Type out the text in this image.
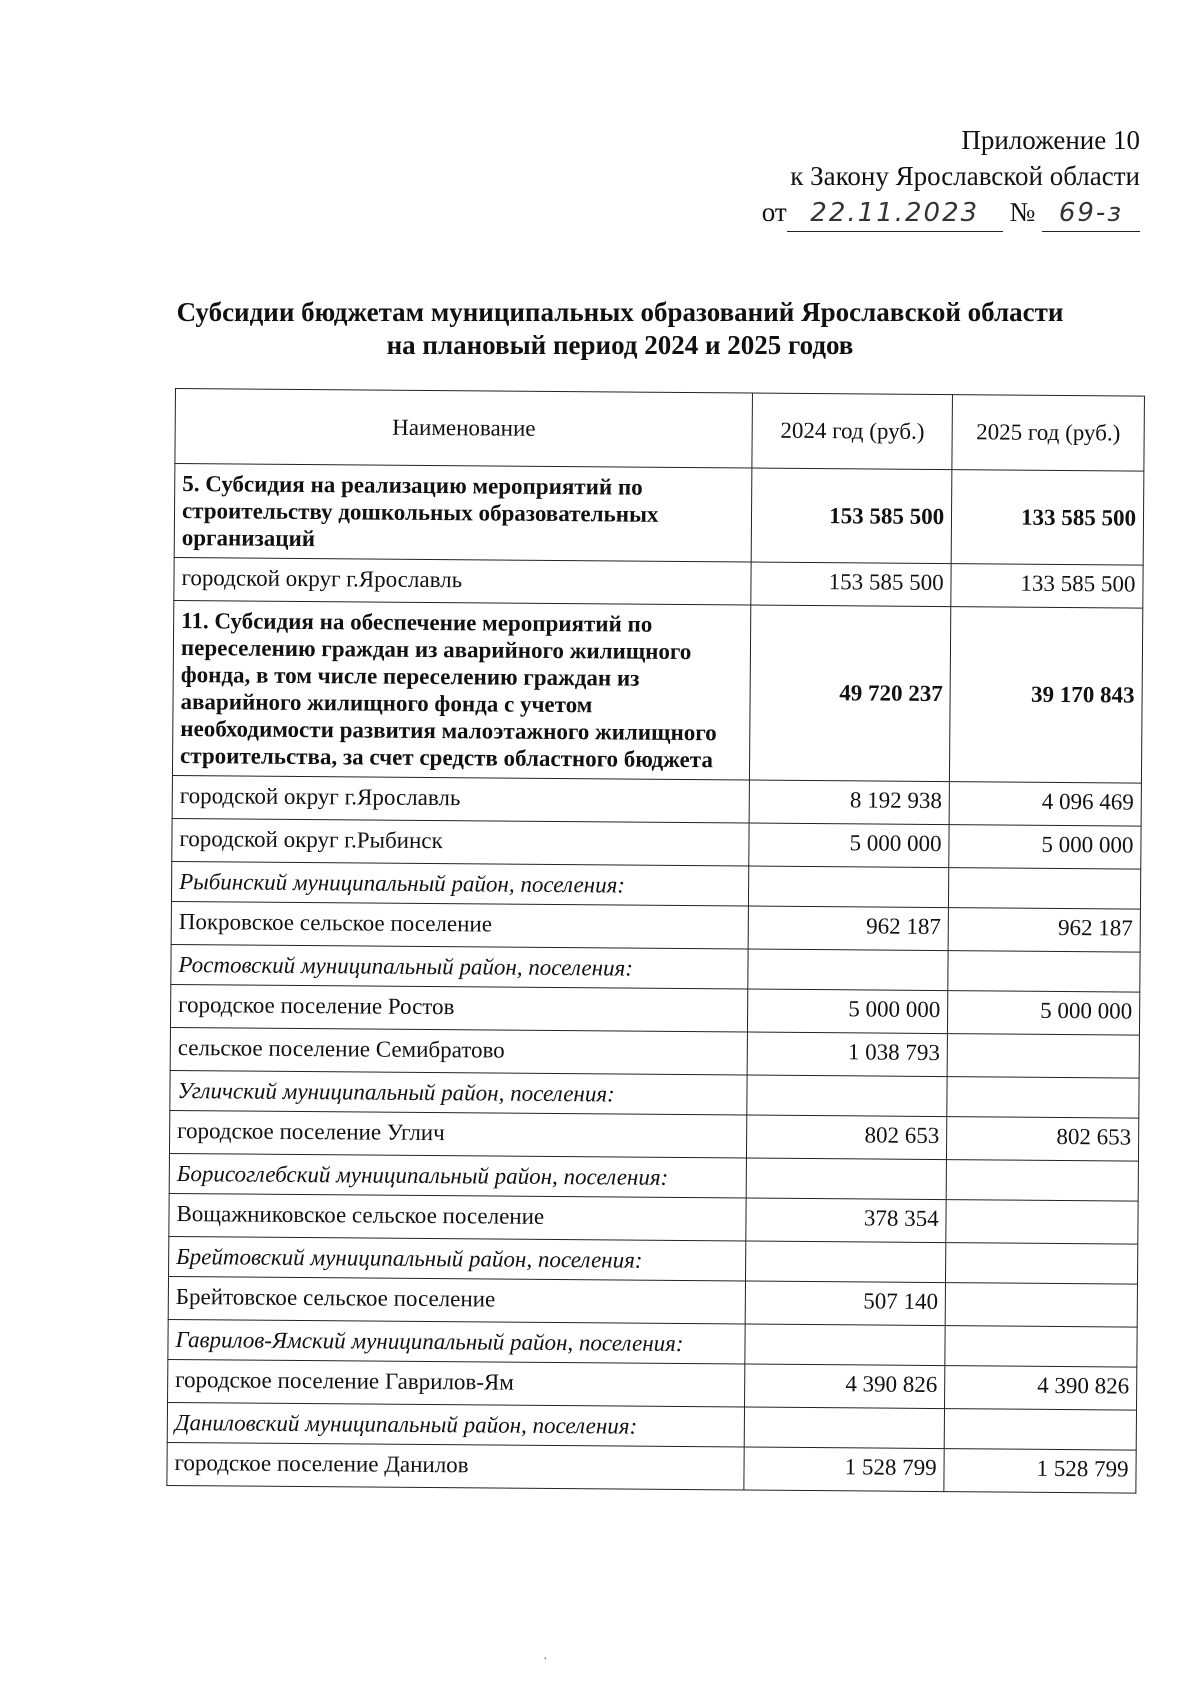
Приложение 10
к Закону Ярославской области
от 22.11.2023 № 69-з
Субсидии бюджетам муниципальных образований Ярославской области
на плановый период 2024 и 2025 годов
Наименование	2024 год (руб.)	2025 год (руб.)
5. Субсидия на реализацию мероприятий по строительству дошкольных образовательных организаций	153 585 500	133 585 500
городской округ г.Ярославль	153 585 500	133 585 500
11. Субсидия на обеспечение мероприятий по переселению граждан из аварийного жилищного фонда, в том числе переселению граждан из аварийного жилищного фонда с учетом необходимости развития малоэтажного жилищного строительства, за счет средств областного бюджета	49 720 237	39 170 843
городской округ г.Ярославль	8 192 938	4 096 469
городской округ г.Рыбинск	5 000 000	5 000 000
Рыбинский муниципальный район, поселения:		
Покровское сельское поселение	962 187	962 187
Ростовский муниципальный район, поселения:		
городское поселение Ростов	5 000 000	5 000 000
сельское поселение Семибратово	1 038 793	
Угличский муниципальный район, поселения:		
городское поселение Углич	802 653	802 653
Борисоглебский муниципальный район, поселения:		
Вощажниковское сельское поселение	378 354	
Брейтовский муниципальный район, поселения:		
Брейтовское сельское поселение	507 140	
Гаврилов-Ямский муниципальный район, поселения:		
городское поселение Гаврилов-Ям	4 390 826	4 390 826
Даниловский муниципальный район, поселения:		
городское поселение Данилов	1 528 799	1 528 799
·
